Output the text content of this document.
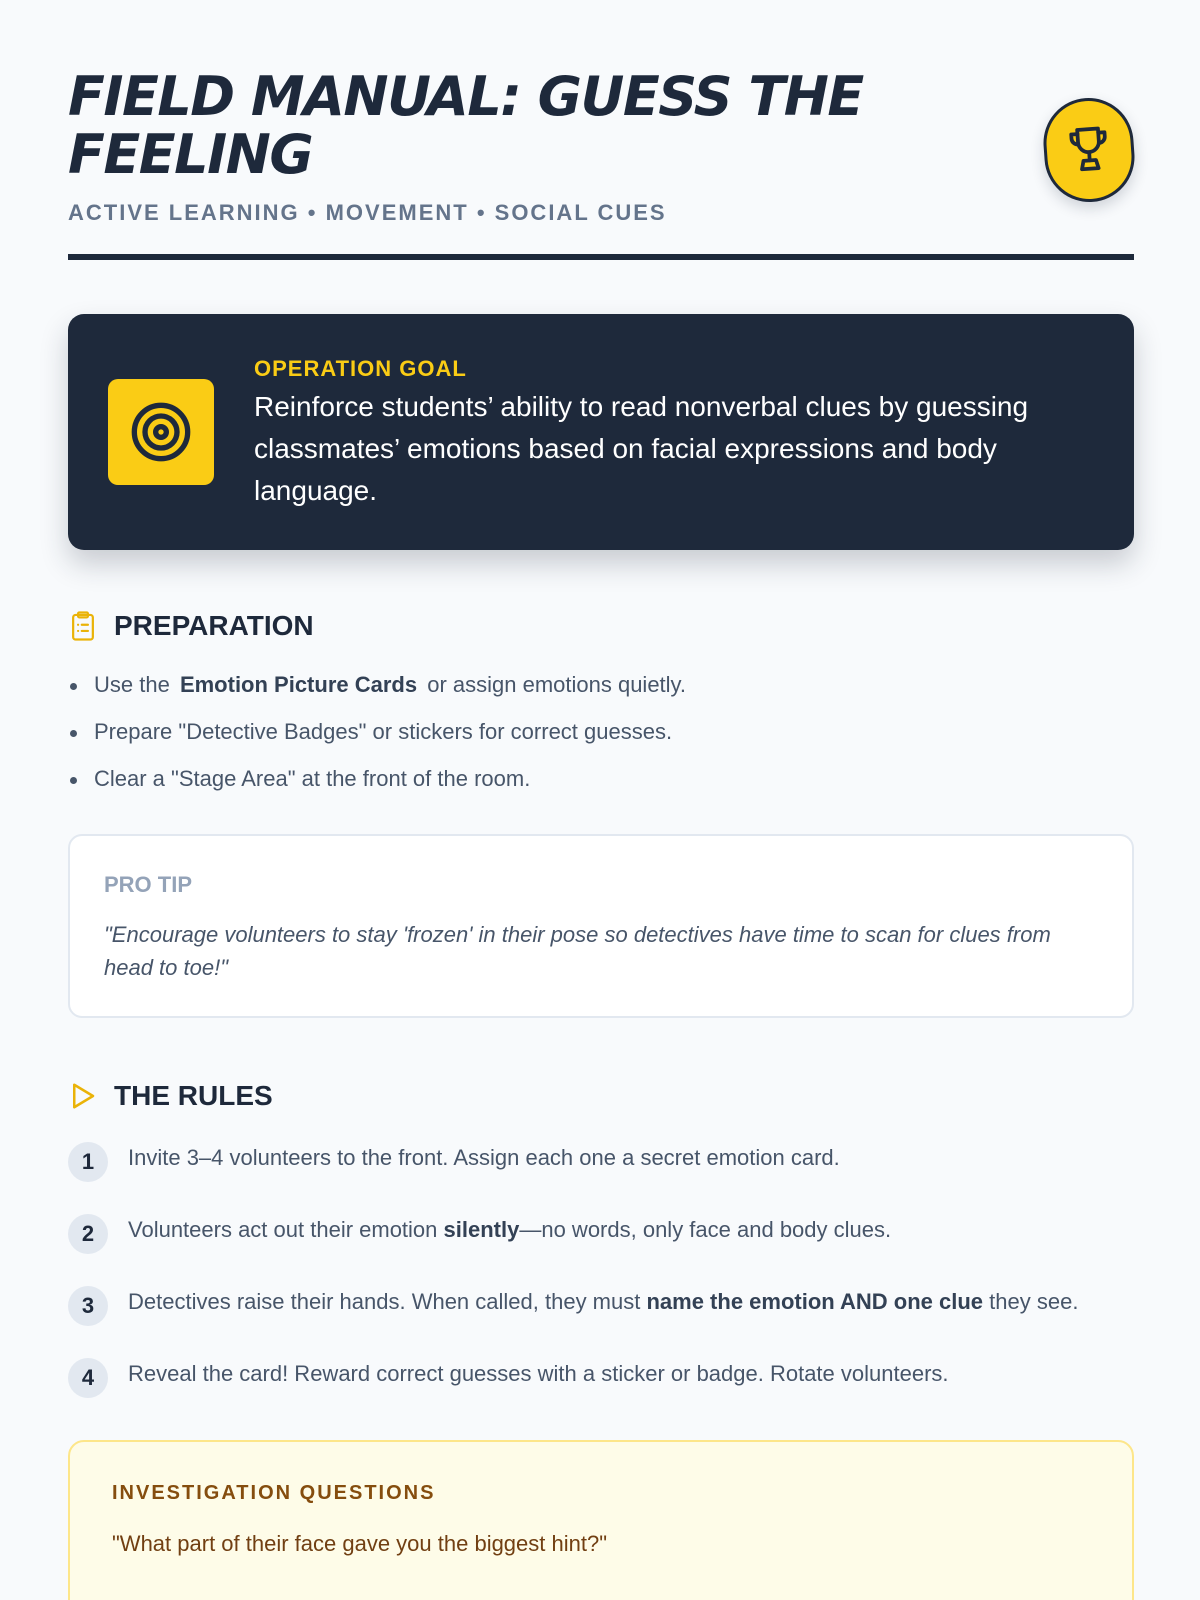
FIELD MANUAL: GUESS THE FEELING
ACTIVE LEARNING • MOVEMENT • SOCIAL CUES
OPERATION GOAL
Reinforce students’ ability to read nonverbal clues by guessing classmates’ emotions based on facial expressions and body language.
PREPARATION
Use the Emotion Picture Cards or assign emotions quietly.
Prepare "Detective Badges" or stickers for correct guesses.
Clear a "Stage Area" at the front of the room.
PRO TIP
"Encourage volunteers to stay 'frozen' in their pose so detectives have time to scan for clues from head to toe!"
THE RULES
1	Invite 3–4 volunteers to the front. Assign each one a secret emotion card.
2	Volunteers act out their emotion silently—no words, only face and body clues.
3	Detectives raise their hands. When called, they must name the emotion AND one clue they see.
4	Reveal the card! Reward correct guesses with a sticker or badge. Rotate volunteers.
INVESTIGATION QUESTIONS
"What part of their face gave you the biggest hint?"
